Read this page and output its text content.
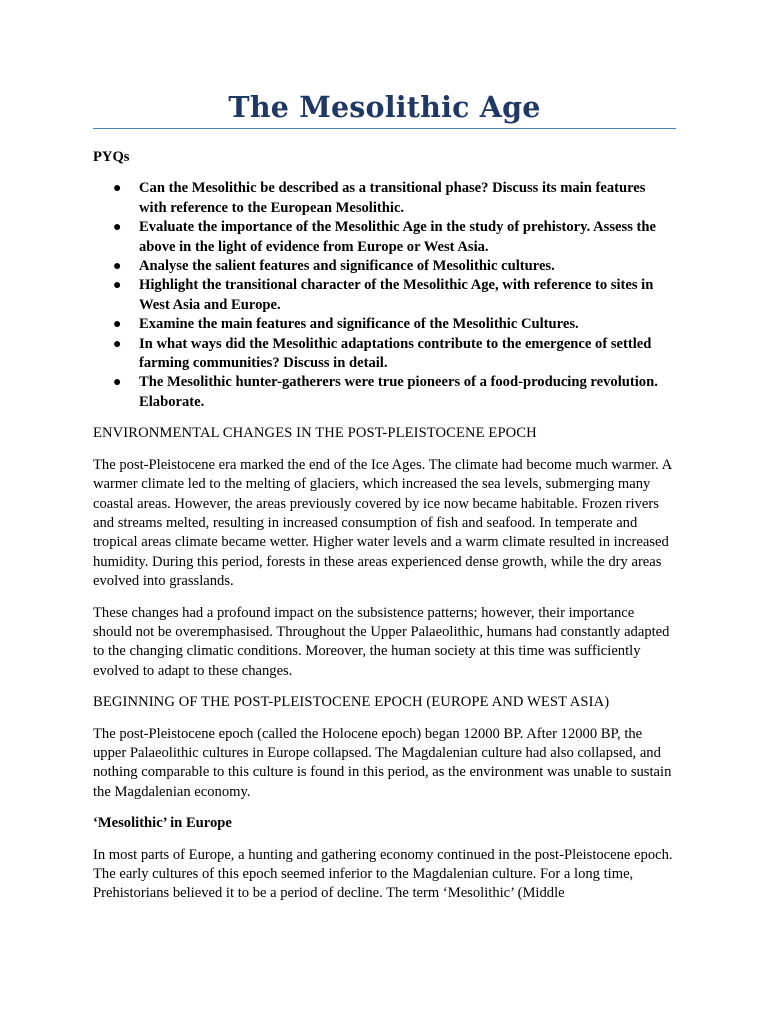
The Mesolithic Age

PYQs

● Can the Mesolithic be described as a transitional phase? Discuss its main features with reference to the European Mesolithic.
● Evaluate the importance of the Mesolithic Age in the study of prehistory. Assess the above in the light of evidence from Europe or West Asia.
● Analyse the salient features and significance of Mesolithic cultures.
● Highlight the transitional character of the Mesolithic Age, with reference to sites in West Asia and Europe.
● Examine the main features and significance of the Mesolithic Cultures.
● In what ways did the Mesolithic adaptations contribute to the emergence of settled farming communities? Discuss in detail.
● The Mesolithic hunter-gatherers were true pioneers of a food-producing revolution. Elaborate.

ENVIRONMENTAL CHANGES IN THE POST-PLEISTOCENE EPOCH

The post-Pleistocene era marked the end of the Ice Ages. The climate had become much warmer. A warmer climate led to the melting of glaciers, which increased the sea levels, submerging many coastal areas. However, the areas previously covered by ice now became habitable. Frozen rivers and streams melted, resulting in increased consumption of fish and seafood. In temperate and tropical areas climate became wetter. Higher water levels and a warm climate resulted in increased humidity. During this period, forests in these areas experienced dense growth, while the dry areas evolved into grasslands.

These changes had a profound impact on the subsistence patterns; however, their importance should not be overemphasised. Throughout the Upper Palaeolithic, humans had constantly adapted to the changing climatic conditions. Moreover, the human society at this time was sufficiently evolved to adapt to these changes.

BEGINNING OF THE POST-PLEISTOCENE EPOCH (EUROPE AND WEST ASIA)

The post-Pleistocene epoch (called the Holocene epoch) began 12000 BP. After 12000 BP, the upper Palaeolithic cultures in Europe collapsed. The Magdalenian culture had also collapsed, and nothing comparable to this culture is found in this period, as the environment was unable to sustain the Magdalenian economy.

‘Mesolithic’ in Europe

In most parts of Europe, a hunting and gathering economy continued in the post-Pleistocene epoch. The early cultures of this epoch seemed inferior to the Magdalenian culture. For a long time, Prehistorians believed it to be a period of decline. The term ‘Mesolithic’ (Middle
